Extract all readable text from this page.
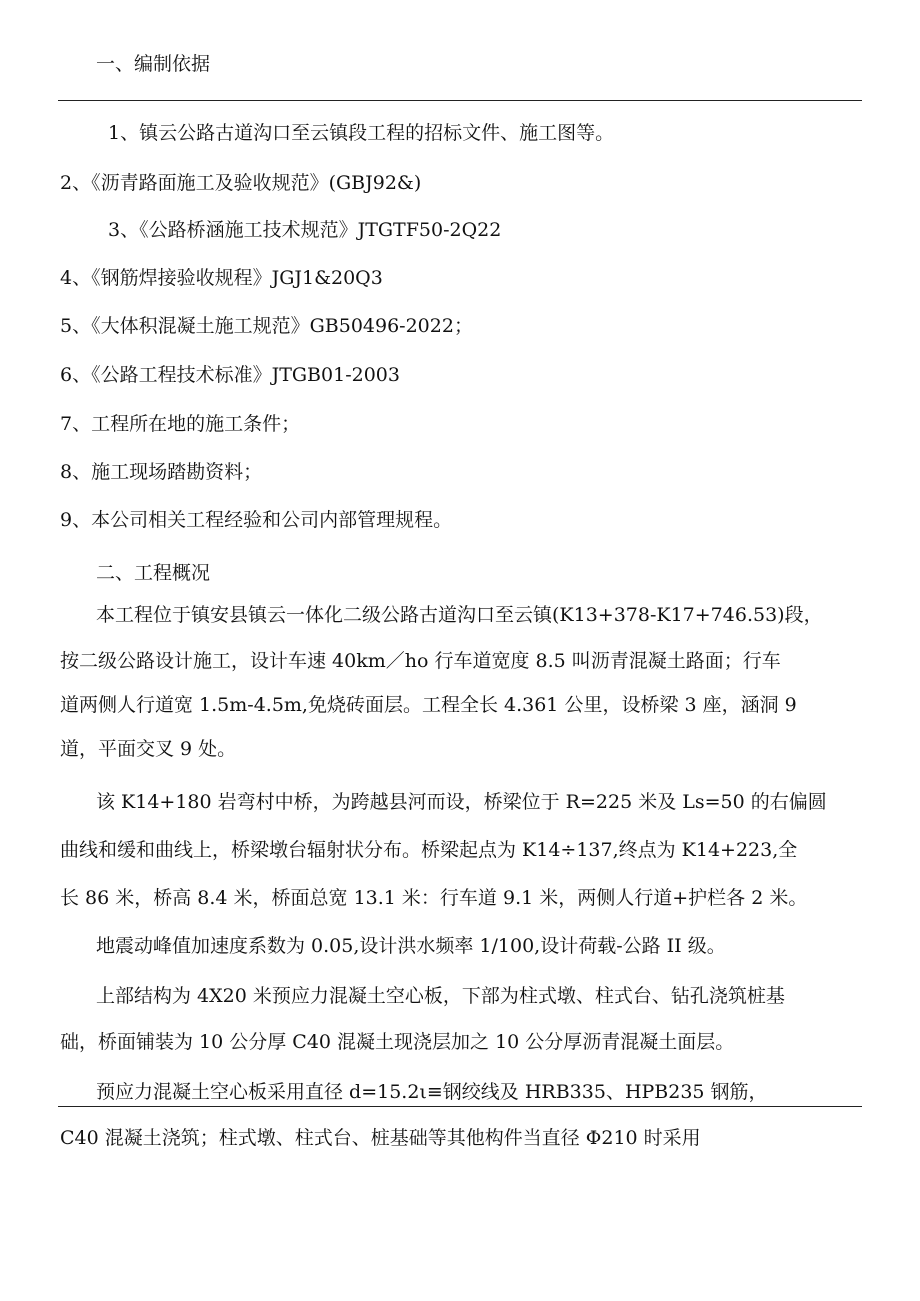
一、编制依据

1、镇云公路古道沟口至云镇段工程的招标文件、施工图等。

2、《沥青路面施工及验收规范》(GBJ92&)

3、《公路桥涵施工技术规范》JTGTF50-2Q22

4、《钢筋焊接验收规程》JGJ1&20Q3

5、《大体积混凝土施工规范》GB50496-2022；

6、《公路工程技术标准》JTGB01-2003

7、工程所在地的施工条件；

8、施工现场踏勘资料；

9、本公司相关工程经验和公司内部管理规程。

二、工程概况

本工程位于镇安县镇云一体化二级公路古道沟口至云镇(K13+378-K17+746.53)段，

按二级公路设计施工，设计车速 40km／ho 行车道宽度 8.5 叫沥青混凝土路面；行车

道两侧人行道宽 1.5m-4.5m,免烧砖面层。工程全长 4.361 公里，设桥梁 3 座，涵洞 9

道，平面交叉 9 处。

该 K14+180 岩弯村中桥，为跨越县河而设，桥梁位于 R=225 米及 Ls=50 的右偏圆

曲线和缓和曲线上，桥梁墩台辐射状分布。桥梁起点为 K14÷137,终点为 K14+223,全

长 86 米，桥高 8.4 米，桥面总宽 13.1 米：行车道 9.1 米，两侧人行道+护栏各 2 米。

地震动峰值加速度系数为 0.05,设计洪水频率 1/100,设计荷载-公路 II 级。

上部结构为 4X20 米预应力混凝土空心板，下部为柱式墩、柱式台、钻孔浇筑桩基

础，桥面铺装为 10 公分厚 C40 混凝土现浇层加之 10 公分厚沥青混凝土面层。

预应力混凝土空心板采用直径 d=15.2ι≡钢绞线及 HRB335、HPB235 钢筋，

C40 混凝土浇筑；柱式墩、柱式台、桩基础等其他构件当直径 Φ210 时采用
